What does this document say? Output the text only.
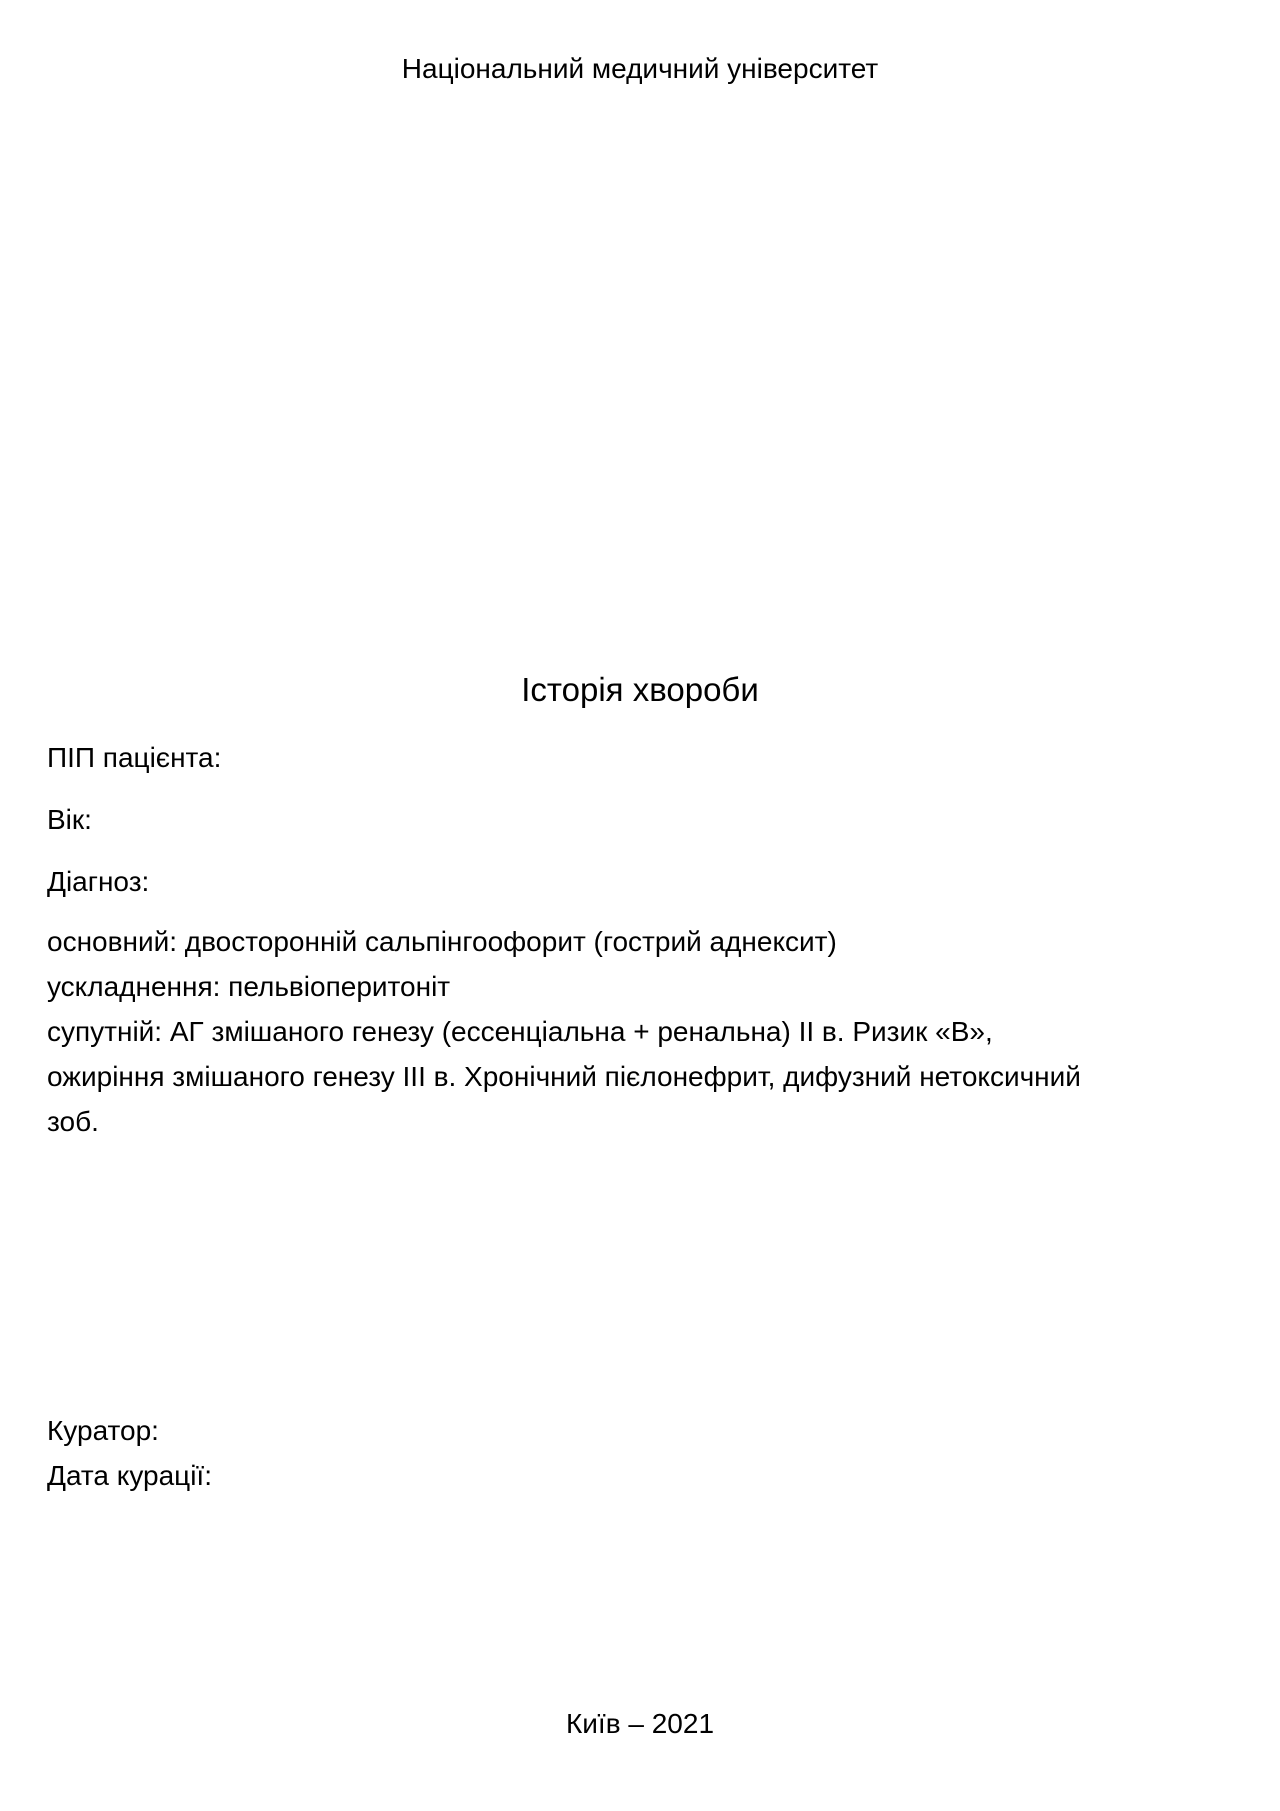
Національний медичний університет

Історія хвороби

ПІП пацієнта:

Вік:

Діагноз:

основний: двосторонній сальпінгоофорит (гострий аднексит)

ускладнення: пельвіоперитоніт

супутній: АГ змішаного генезу (ессенціальна + ренальна) ІІ в. Ризик «В»,

ожиріння змішаного генезу ІІІ в. Хронічний пієлонефрит, дифузний нетоксичний

зоб.

Куратор:

Дата курації:

Київ – 2021
